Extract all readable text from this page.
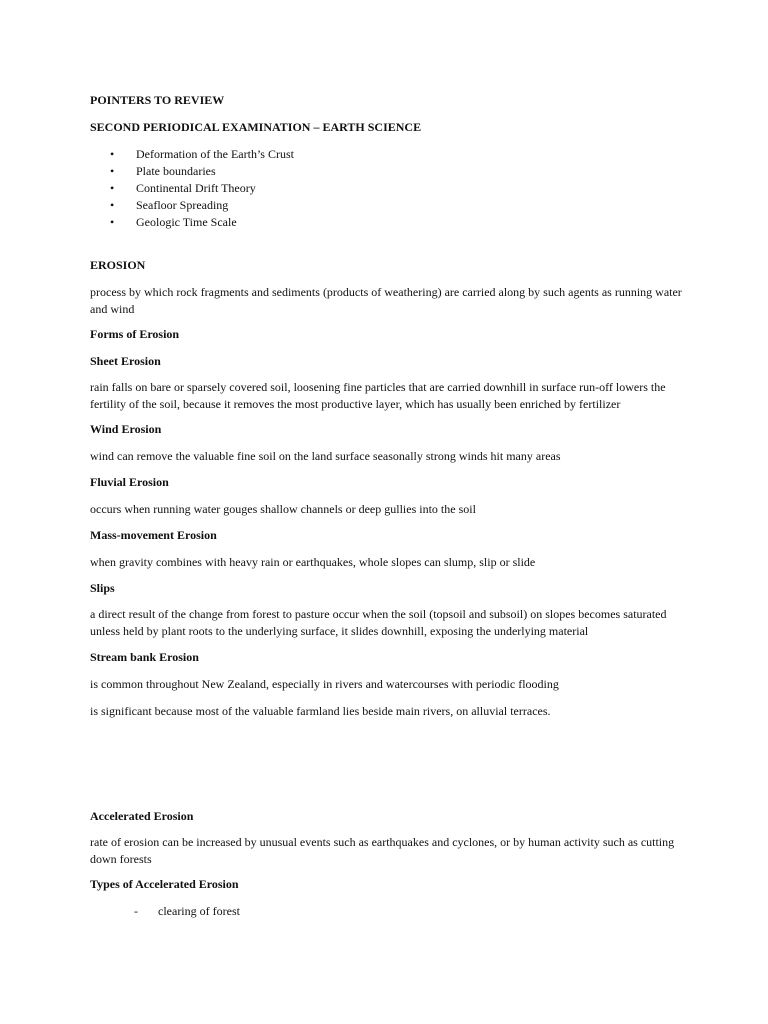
POINTERS TO REVIEW
SECOND PERIODICAL EXAMINATION – EARTH SCIENCE
• Deformation of the Earth’s Crust
• Plate boundaries
• Continental Drift Theory
• Seafloor Spreading
• Geologic Time Scale
EROSION
process by which rock fragments and sediments (products of weathering) are carried along by such agents as running water and wind
Forms of Erosion
Sheet Erosion
rain falls on bare or sparsely covered soil, loosening fine particles that are carried downhill in surface run-off lowers the fertility of the soil, because it removes the most productive layer, which has usually been enriched by fertilizer
Wind Erosion
wind can remove the valuable fine soil on the land surface seasonally strong winds hit many areas
Fluvial Erosion
occurs when running water gouges shallow channels or deep gullies into the soil
Mass-movement Erosion
when gravity combines with heavy rain or earthquakes, whole slopes can slump, slip or slide
Slips
a direct result of the change from forest to pasture occur when the soil (topsoil and subsoil) on slopes becomes saturated unless held by plant roots to the underlying surface, it slides downhill, exposing the underlying material
Stream bank Erosion
is common throughout New Zealand, especially in rivers and watercourses with periodic flooding
is significant because most of the valuable farmland lies beside main rivers, on alluvial terraces.
Accelerated Erosion
rate of erosion can be increased by unusual events such as earthquakes and cyclones, or by human activity such as cutting down forests
Types of Accelerated Erosion
- clearing of forest
